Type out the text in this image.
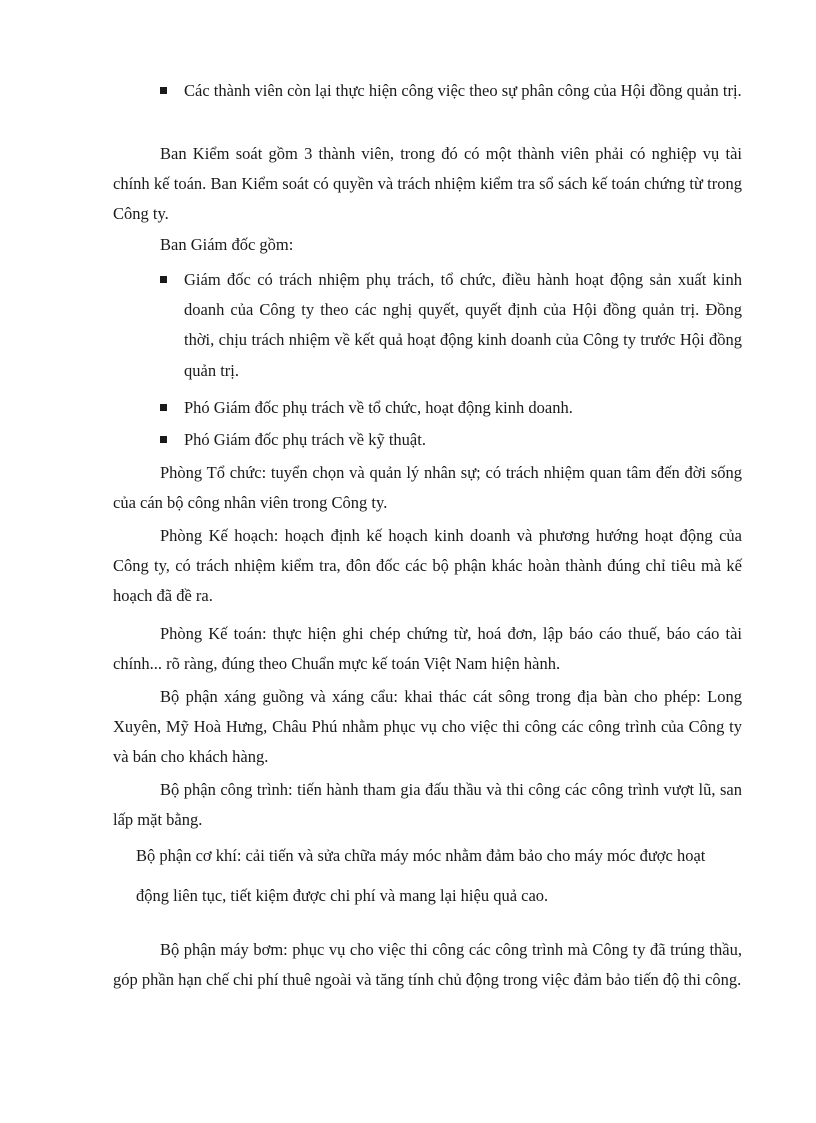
Các thành viên còn lại thực hiện công việc theo sự phân công của Hội đồng quản trị.

Ban Kiểm soát gồm 3 thành viên, trong đó có một thành viên phải có nghiệp vụ tài chính kế toán. Ban Kiểm soát có quyền và trách nhiệm kiểm tra sổ sách kế toán chứng từ trong Công ty.

Ban Giám đốc gồm:

Giám đốc có trách nhiệm phụ trách, tổ chức, điều hành hoạt động sản xuất kinh doanh của Công ty theo các nghị quyết, quyết định của Hội đồng quản trị. Đồng thời, chịu trách nhiệm về kết quả hoạt động kinh doanh của Công ty trước Hội đồng quản trị.
Phó Giám đốc phụ trách về tổ chức, hoạt động kinh doanh.
Phó Giám đốc phụ trách về kỹ thuật.

Phòng Tổ chức: tuyển chọn và quản lý nhân sự; có trách nhiệm quan tâm đến đời sống của cán bộ công nhân viên trong Công ty.

Phòng Kế hoạch: hoạch định kế hoạch kinh doanh và phương hướng hoạt động của Công ty, có trách nhiệm kiểm tra, đôn đốc các bộ phận khác hoàn thành đúng chỉ tiêu mà kế hoạch đã đề ra.

Phòng Kế toán: thực hiện ghi chép chứng từ, hoá đơn, lập báo cáo thuế, báo cáo tài chính... rõ ràng, đúng theo Chuẩn mực kế toán Việt Nam hiện hành.

Bộ phận xáng guồng và xáng cẩu: khai thác cát sông trong địa bàn cho phép: Long Xuyên, Mỹ Hoà Hưng, Châu Phú nhằm phục vụ cho việc thi công các công trình của Công ty và bán cho khách hàng.

Bộ phận công trình: tiến hành tham gia đấu thầu và thi công các công trình vượt lũ, san lấp mặt bằng.

Bộ phận cơ khí: cải tiến và sửa chữa máy móc nhằm đảm bảo cho máy móc được hoạt

động liên tục, tiết kiệm được chi phí và mang lại hiệu quả cao.

Bộ phận máy bơm: phục vụ cho việc thi công các công trình mà Công ty đã trúng thầu, góp phần hạn chế chi phí thuê ngoài và tăng tính chủ động trong việc đảm bảo tiến độ thi công.
